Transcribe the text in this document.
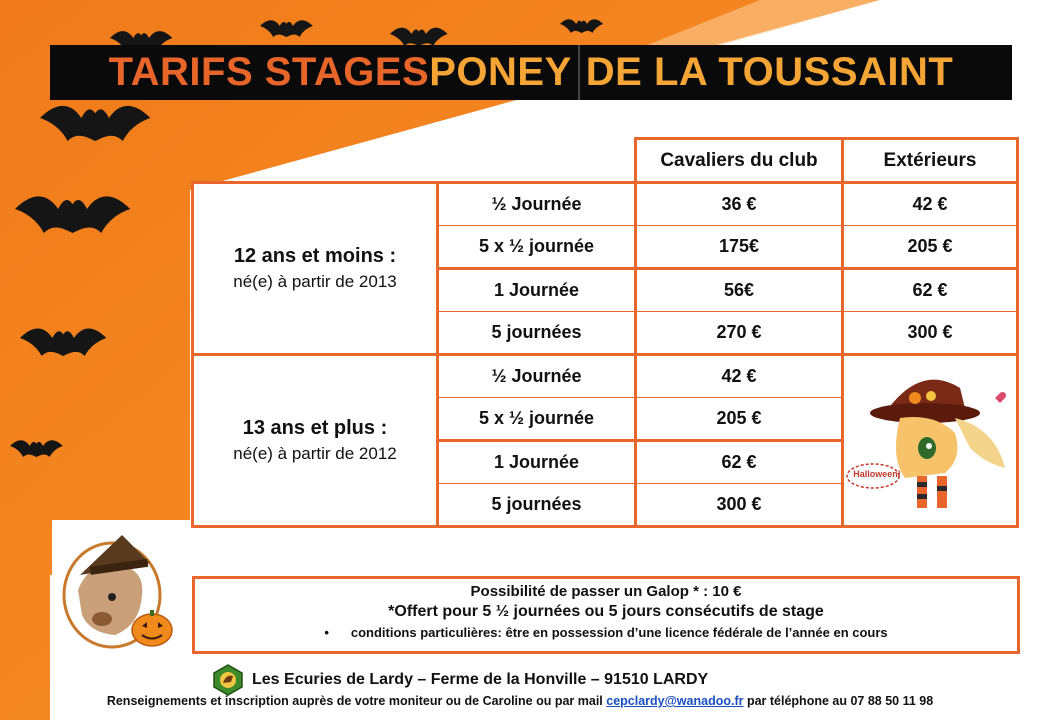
TARIFS STAGES PONEY DE LA TOUSSAINT
		Cavaliers du club	Extérieurs

12 ans et moins :
né(e) à partir de 2013	½ Journée	36 €	42 €
	5 x ½ journée	175€	205 €
	1 Journée	56€	62 €
	5 journées	270 €	300 €

13 ans et plus :
né(e) à partir de 2012	½ Journée	42 €	Halloween!

	5 x ½ journée	205 €	
	1 Journée	62 €	
	5 journées	300 €	
Possibilité de passer un Galop * : 10 €
*Offert pour 5 ½ journées ou 5 jours consécutifs de stage
• conditions particulières: être en possession d’une licence fédérale de l’année en cours
Les Ecuries de Lardy – Ferme de la Honville – 91510 LARDY
Renseignements et inscription auprès de votre moniteur ou de Caroline ou par mail cepclardy@wanadoo.fr par téléphone au 07 88 50 11 98
